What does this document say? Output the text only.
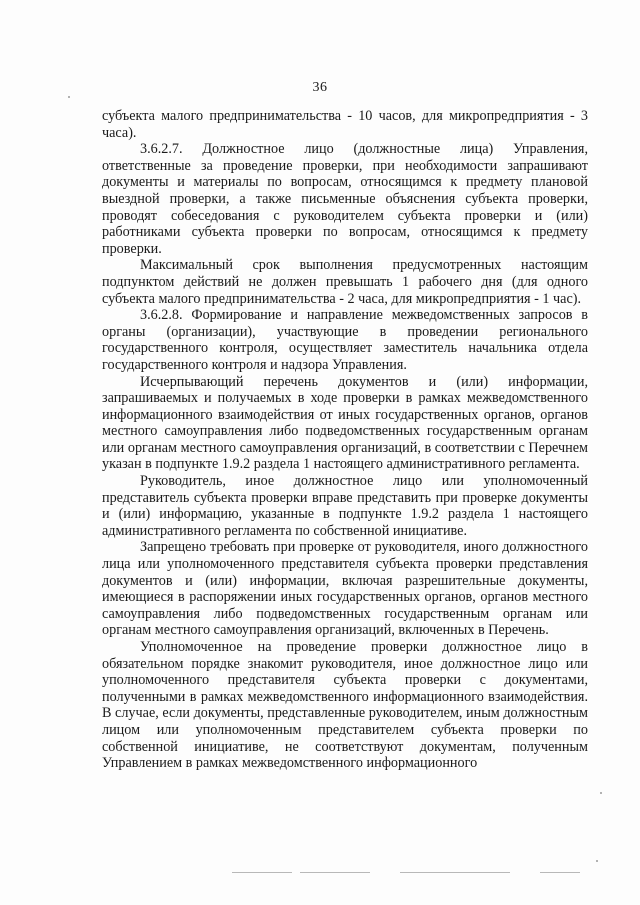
36

субъекта малого предпринимательства - 10 часов, для микропредприятия - 3 часа).

3.6.2.7. Должностное лицо (должностные лица) Управления, ответственные за проведение проверки, при необходимости запрашивают документы и материалы по вопросам, относящимся к предмету плановой выездной проверки, а также письменные объяснения субъекта проверки, проводят собеседования с руководителем субъекта проверки и (или) работниками субъекта проверки по вопросам, относящимся к предмету проверки.

Максимальный срок выполнения предусмотренных настоящим подпунктом действий не должен превышать 1 рабочего дня (для одного субъекта малого предпринимательства - 2 часа, для микропредприятия - 1 час).

3.6.2.8. Формирование и направление межведомственных запросов в органы (организации), участвующие в проведении регионального государственного контроля, осуществляет заместитель начальника отдела государственного контроля и надзора Управления.

Исчерпывающий перечень документов и (или) информации, запрашиваемых и получаемых в ходе проверки в рамках межведомственного информационного взаимодействия от иных государственных органов, органов местного самоуправления либо подведомственных государственным органам или органам местного самоуправления организаций, в соответствии с Перечнем указан в подпункте 1.9.2 раздела 1 настоящего административного регламента.

Руководитель, иное должностное лицо или уполномоченный представитель субъекта проверки вправе представить при проверке документы и (или) информацию, указанные в подпункте 1.9.2 раздела 1 настоящего административного регламента по собственной инициативе.

Запрещено требовать при проверке от руководителя, иного должностного лица или уполномоченного представителя субъекта проверки представления документов и (или) информации, включая разрешительные документы, имеющиеся в распоряжении иных государственных органов, органов местного самоуправления либо подведомственных государственным органам или органам местного самоуправления организаций, включенных в Перечень.

Уполномоченное на проведение проверки должностное лицо в обязательном порядке знакомит руководителя, иное должностное лицо или уполномоченного представителя субъекта проверки с документами, полученными в рамках межведомственного информационного взаимодействия. В случае, если документы, представленные руководителем, иным должностным лицом или уполномоченным представителем субъекта проверки по собственной инициативе, не соответствуют документам, полученным Управлением в рамках межведомственного информационного
